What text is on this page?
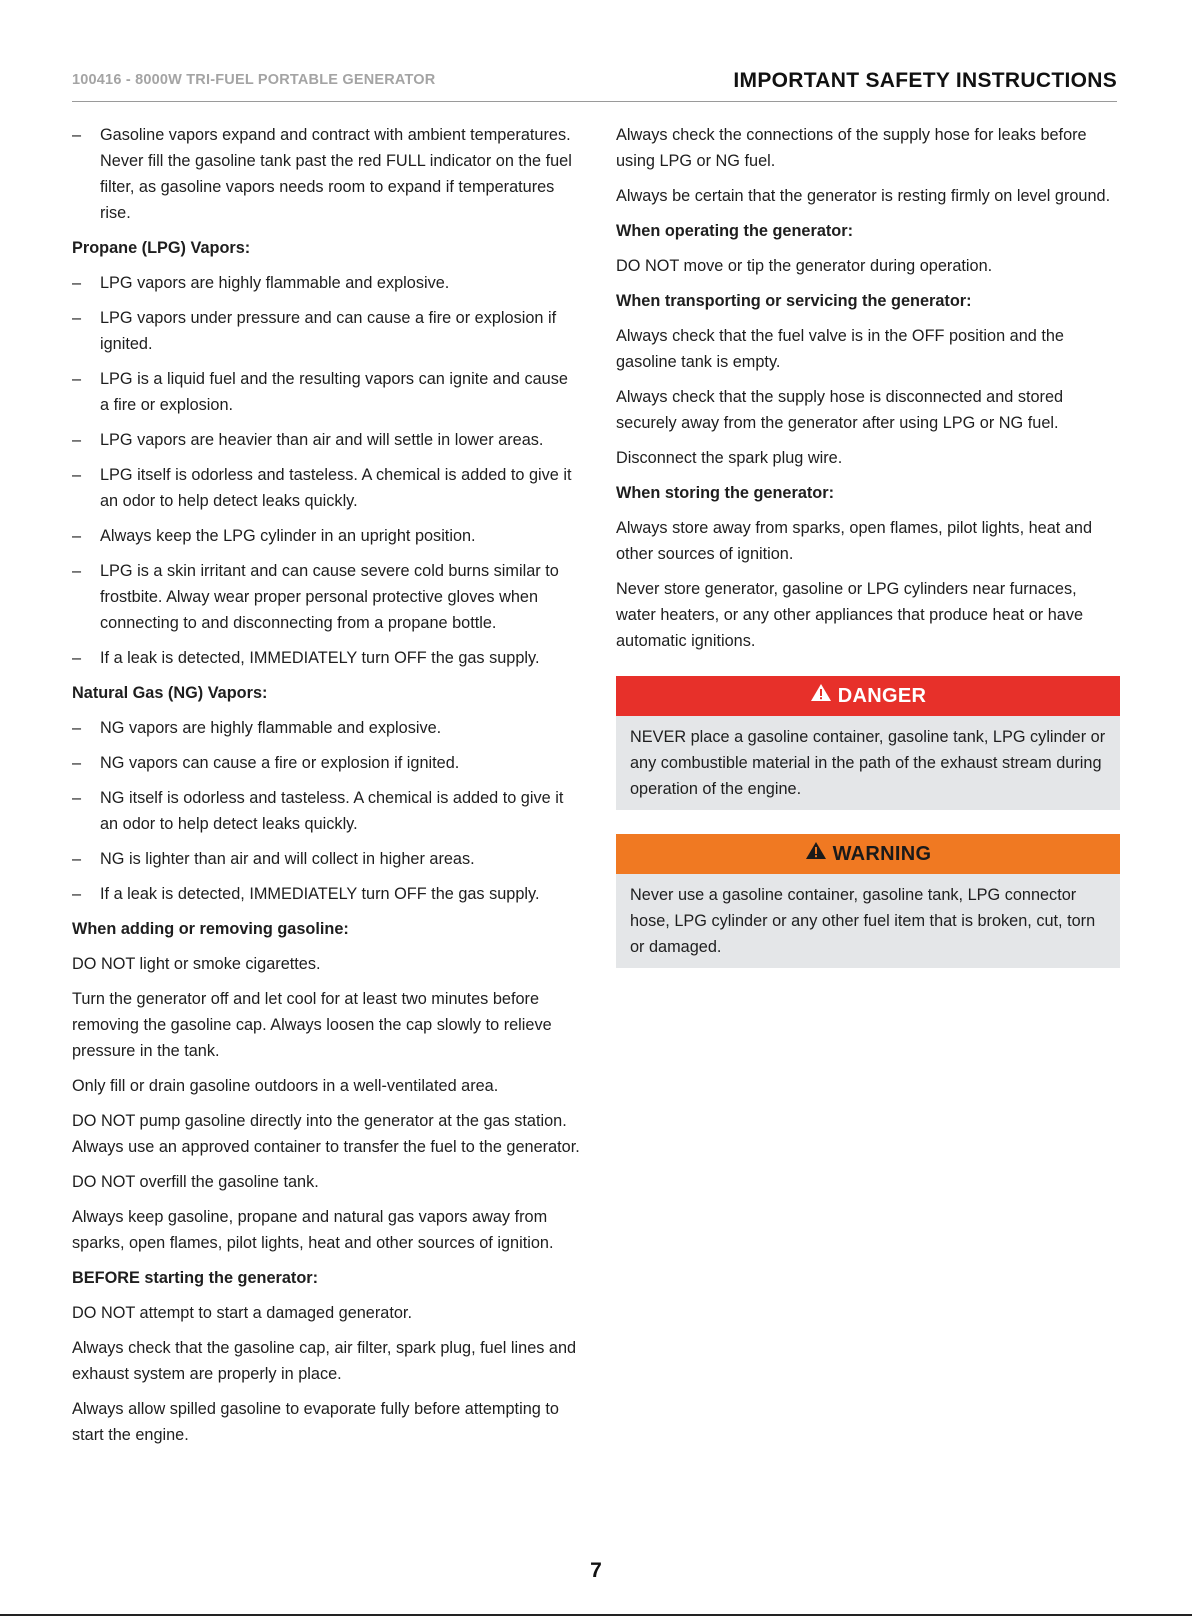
100416 - 8000W TRI-FUEL PORTABLE GENERATOR	IMPORTANT SAFETY INSTRUCTIONS
– Gasoline vapors expand and contract with ambient temperatures. Never fill the gasoline tank past the red FULL indicator on the fuel filter, as gasoline vapors needs room to expand if temperatures rise.
Propane (LPG) Vapors:
– LPG vapors are highly flammable and explosive.
– LPG vapors under pressure and can cause a fire or explosion if ignited.
– LPG is a liquid fuel and the resulting vapors can ignite and cause a fire or explosion.
– LPG vapors are heavier than air and will settle in lower areas.
– LPG itself is odorless and tasteless. A chemical is added to give it an odor to help detect leaks quickly.
– Always keep the LPG cylinder in an upright position.
– LPG is a skin irritant and can cause severe cold burns similar to frostbite. Alway wear proper personal protective gloves when connecting to and disconnecting from a propane bottle.
– If a leak is detected, IMMEDIATELY turn OFF the gas supply.
Natural Gas (NG) Vapors:
– NG vapors are highly flammable and explosive.
– NG vapors can cause a fire or explosion if ignited.
– NG itself is odorless and tasteless. A chemical is added to give it an odor to help detect leaks quickly.
– NG is lighter than air and will collect in higher areas.
– If a leak is detected, IMMEDIATELY turn OFF the gas supply.
When adding or removing gasoline:
DO NOT light or smoke cigarettes.
Turn the generator off and let cool for at least two minutes before removing the gasoline cap. Always loosen the cap slowly to relieve pressure in the tank.
Only fill or drain gasoline outdoors in a well-ventilated area.
DO NOT pump gasoline directly into the generator at the gas station. Always use an approved container to transfer the fuel to the generator.
DO NOT overfill the gasoline tank.
Always keep gasoline, propane and natural gas vapors away from sparks, open flames, pilot lights, heat and other sources of ignition.
BEFORE starting the generator:
DO NOT attempt to start a damaged generator.
Always check that the gasoline cap, air filter, spark plug, fuel lines and exhaust system are properly in place.
Always allow spilled gasoline to evaporate fully before attempting to start the engine.
Always check the connections of the supply hose for leaks before using LPG or NG fuel.
Always be certain that the generator is resting firmly on level ground.
When operating the generator:
DO NOT move or tip the generator during operation.
When transporting or servicing the generator:
Always check that the fuel valve is in the OFF position and the gasoline tank is empty.
Always check that the supply hose is disconnected and stored securely away from the generator after using LPG or NG fuel.
Disconnect the spark plug wire.
When storing the generator:
Always store away from sparks, open flames, pilot lights, heat and other sources of ignition.
Never store generator, gasoline or LPG cylinders near furnaces, water heaters, or any other appliances that produce heat or have automatic ignitions.
DANGER
NEVER place a gasoline container, gasoline tank, LPG cylinder or any combustible material in the path of the exhaust stream during operation of the engine.
WARNING
Never use a gasoline container, gasoline tank, LPG connector hose, LPG cylinder or any other fuel item that is broken, cut, torn or damaged.
7
